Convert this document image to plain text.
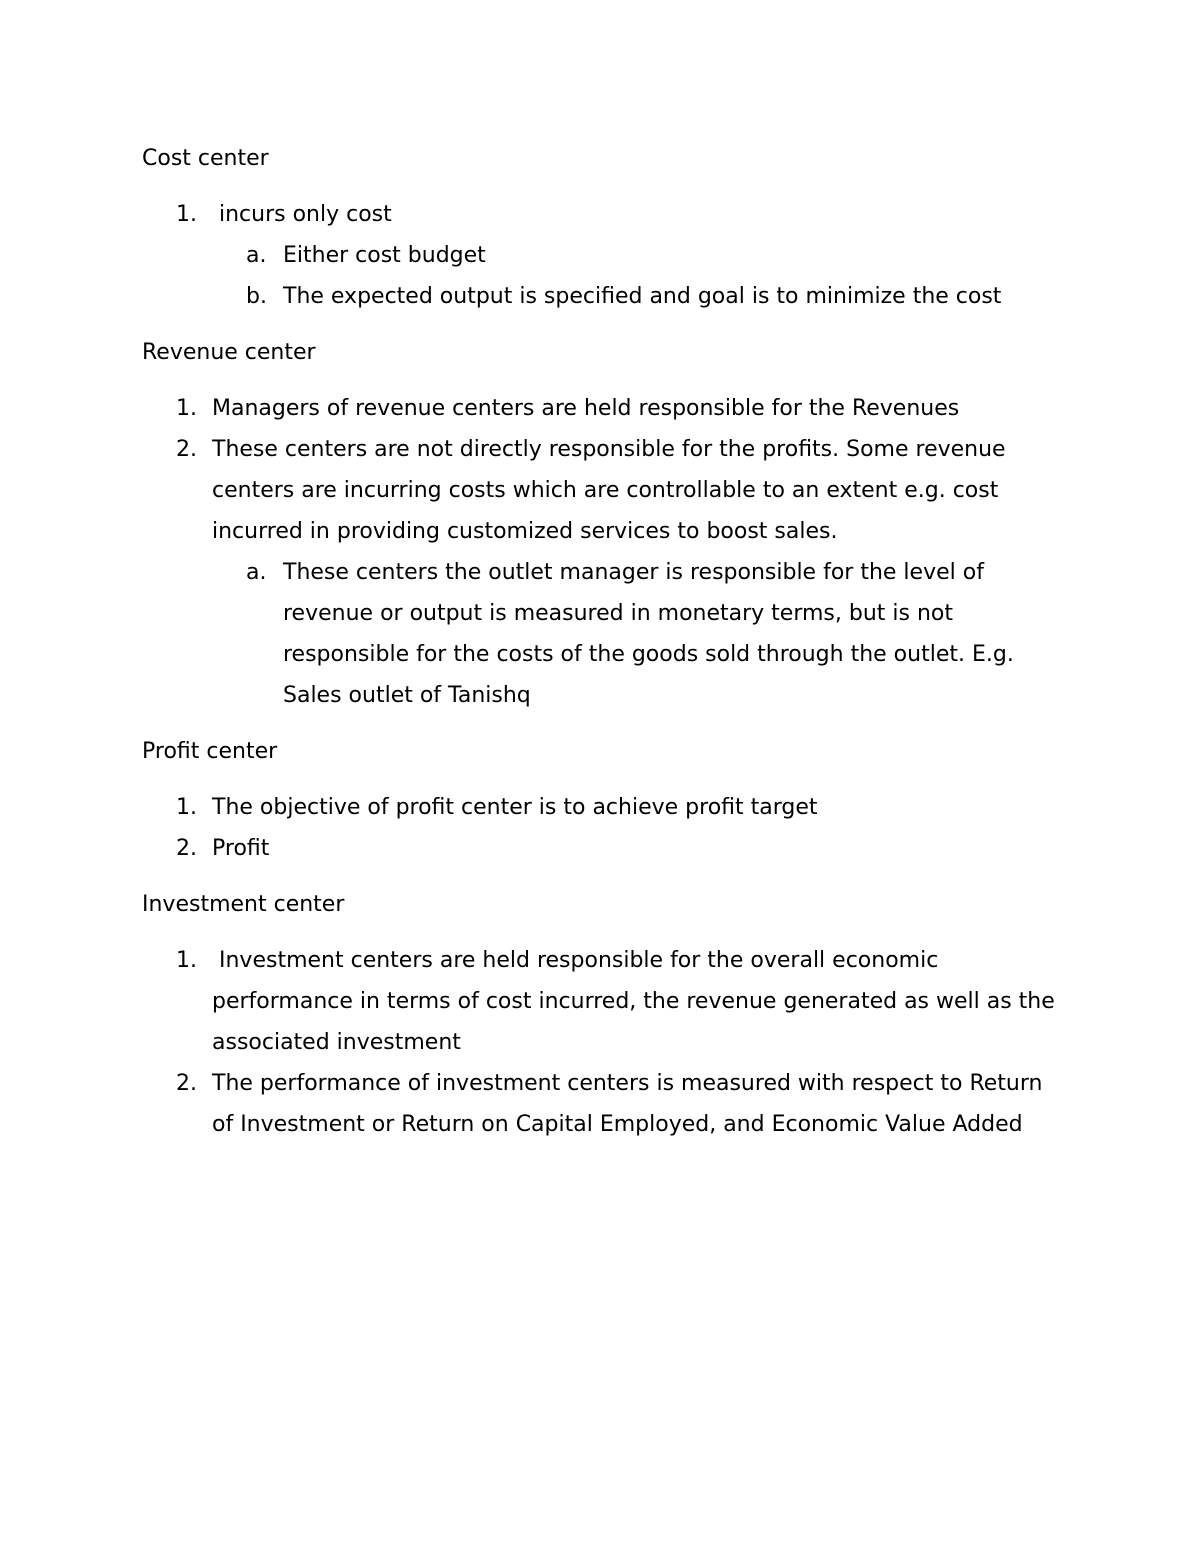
Cost center

1. incurs only cost
a. Either cost budget
b. The expected output is specified and goal is to minimize the cost

Revenue center

1. Managers of revenue centers are held responsible for the Revenues
2. These centers are not directly responsible for the profits. Some revenue centers are incurring costs which are controllable to an extent e.g. cost incurred in providing customized services to boost sales.
a. These centers the outlet manager is responsible for the level of revenue or output is measured in monetary terms, but is not responsible for the costs of the goods sold through the outlet. E.g. Sales outlet of Tanishq

Profit center

1. The objective of profit center is to achieve profit target
2. Profit

Investment center

1. Investment centers are held responsible for the overall economic performance in terms of cost incurred, the revenue generated as well as the associated investment
2. The performance of investment centers is measured with respect to Return of Investment or Return on Capital Employed, and Economic Value Added
